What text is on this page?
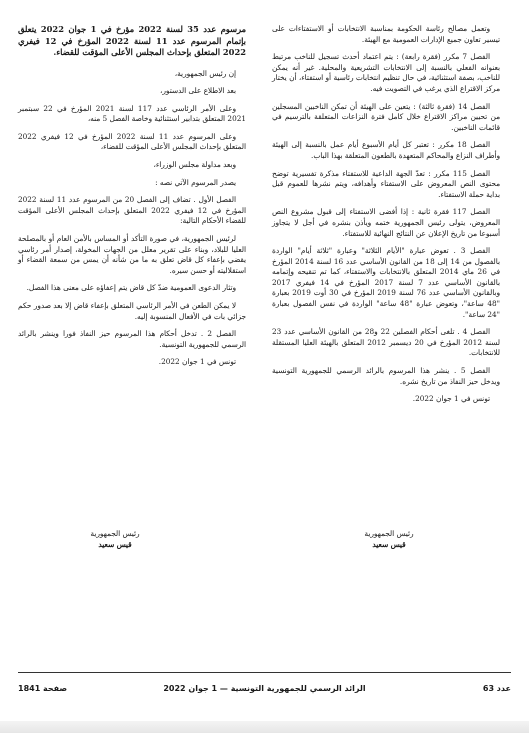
وتعمل مصالح رئاسة الحكومة بمناسبة الانتخابات أو الاستفتاءات على تيسير تعاون جميع الإدارات العمومية مع الهيئة.

الفصل 7 مكرر (فقرة رابعة) : يتم اعتماد أحدث تسجيل للناخب مرتبط بعنوانه الفعلي بالنسبة إلى الانتخابات التشريعية والمحلية. غير أنه يمكن للناخب، بصفة استثنائية، في حال تنظيم انتخابات رئاسية أو استفتاء، أن يختار مركز الاقتراع الذي يرغب في التصويت فيه.

الفصل 14 (فقرة ثالثة) : يتعين على الهيئة أن تمكن الناخبين المسجلين من تحيين مراكز الاقتراع خلال كامل فترة النزاعات المتعلقة بالترسيم في قائمات الناخبين.

الفصل 18 مكرر : تعتبر كل أيام الأسبوع أيام عمل بالنسبة إلى الهيئة وأطراف النزاع والمحاكم المتعهدة بالطعون المتعلقة بهذا الباب.

الفصل 115 مكرر : تعدّ الجهة الداعية للاستفتاء مذكرة تفسيرية توضح محتوى النص المعروض على الاستفتاء وأهدافه، ويتم نشرها للعموم قبل بداية حملة الاستفتاء.

الفصل 117 فقرة ثانية : إذا أفضى الاستفتاء إلى قبول مشروع النص المعروض، يتولى رئيس الجمهورية ختمه ويأذن بنشره في أجل لا يتجاوز أسبوعا من تاريخ الإعلان عن النتائج النهائية للاستفتاء.

الفصل 3 . تعوض عبارة "الأيام الثلاثة" وعبارة "ثلاثة أيام" الواردة بالفصول من 14 إلى 18 من القانون الأساسي عدد 16 لسنة 2014 المؤرخ في 26 ماي 2014 المتعلق بالانتخابات والاستفتاء، كما تم تنقيحه وإتمامه بالقانون الأساسي عدد 7 لسنة 2017 المؤرخ في 14 فيفري 2017 وبالقانون الأساسي عدد 76 لسنة 2019 المؤرخ في 30 أوت 2019 بعبارة "48 ساعة"، وتعوض عبارة "48 ساعة" الواردة في نفس الفصول بعبارة "24 ساعة".

الفصل 4 . تلغى أحكام الفصلين 22 و28 من القانون الأساسي عدد 23 لسنة 2012 المؤرخ في 20 ديسمبر 2012 المتعلق بالهيئة العليا المستقلة للانتخابات.

الفصل 5 . ينشر هذا المرسوم بالرائد الرسمي للجمهورية التونسية ويدخل حيز النفاذ من تاريخ نشره.

تونس في 1 جوان 2022.

رئيس الجمهورية
قيس سعيد

مرسوم عدد 35 لسنة 2022 مؤرخ في 1 جوان 2022 يتعلق بإتمام المرسوم عدد 11 لسنة 2022 المؤرخ في 12 فيفري 2022 المتعلق بإحداث المجلس الأعلى المؤقت للقضاء.

إن رئيس الجمهورية،

بعد الاطلاع على الدستور،

وعلى الأمر الرئاسي عدد 117 لسنة 2021 المؤرخ في 22 سبتمبر 2021 المتعلق بتدابير استثنائية وخاصة الفصل 5 منه،

وعلى المرسوم عدد 11 لسنة 2022 المؤرخ في 12 فيفري 2022 المتعلق بإحداث المجلس الأعلى المؤقت للقضاء،

وبعد مداولة مجلس الوزراء،

يصدر المرسوم الآتي نصه :

الفصل الأول . تضاف إلى الفصل 20 من المرسوم عدد 11 لسنة 2022 المؤرخ في 12 فيفري 2022 المتعلق بإحداث المجلس الأعلى المؤقت للقضاء الأحكام التالية:

لرئيس الجمهورية، في صورة التأكد أو المساس بالأمن العام أو بالمصلحة العليا للبلاد، وبناء على تقرير معلل من الجهات المخولة، إصدار أمر رئاسي يقضي بإعفاء كل قاض تعلق به ما من شأنه أن يمس من سمعة القضاء أو استقلاليته أو حسن سيره.

وتثار الدعوى العمومية ضدّ كل قاض يتم إعفاؤه على معنى هذا الفصل.

لا يمكن الطعن في الأمر الرئاسي المتعلق بإعفاء قاض إلا بعد صدور حكم جزائي بات في الأفعال المنسوبة إليه.

الفصل 2 . تدخل أحكام هذا المرسوم حيز النفاذ فورا وينشر بالرائد الرسمي للجمهورية التونسية.

تونس في 1 جوان 2022.

رئيس الجمهورية
قيس سعيد
صفحة 1841	الرائد الرسمي للجمهورية التونسية — 1 جوان 2022	عدد 63
